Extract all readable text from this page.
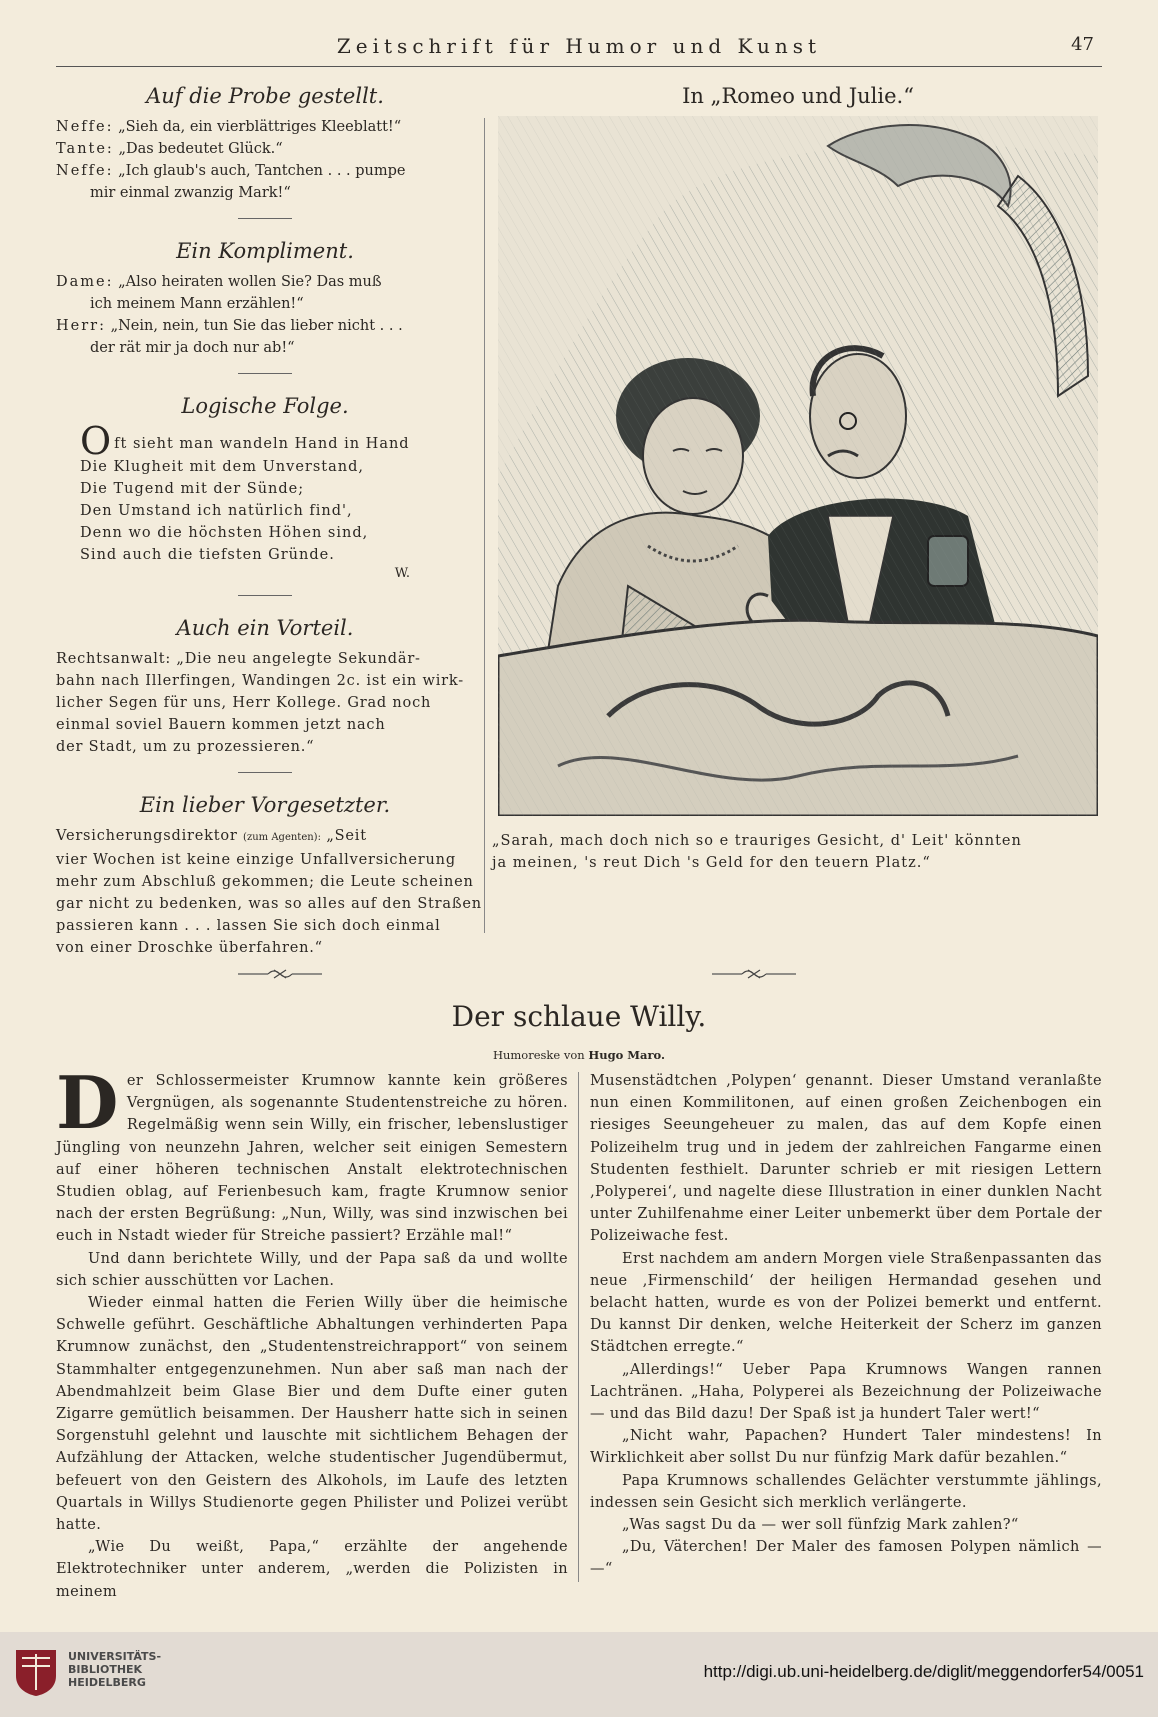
Zeitschrift für Humor und Kunst	47
Auf die Probe gestellt.
Neffe: „Sieh da, ein vierblättriges Kleeblatt!“
Tante: „Das bedeutet Glück.“
Neffe: „Ich glaub's auch, Tantchen . . . pumpe
mir einmal zwanzig Mark!“
Ein Kompliment.
Dame: „Also heiraten wollen Sie? Das muß
ich meinem Mann erzählen!“
Herr: „Nein, nein, tun Sie das lieber nicht . . .
der rät mir ja doch nur ab!“
Logische Folge.
Oft sieht man wandeln Hand in Hand
Die Klugheit mit dem Unverstand,
Die Tugend mit der Sünde;
Den Umstand ich natürlich find',
Denn wo die höchsten Höhen sind,
Sind auch die tiefsten Gründe.
W.
Auch ein Vorteil.
Rechtsanwalt: „Die neu angelegte Sekundär-
bahn nach Illerfingen, Wandingen 2c. ist ein wirk-
licher Segen für uns, Herr Kollege. Grad noch
einmal soviel Bauern kommen jetzt nach
der Stadt, um zu prozessieren.“
Ein lieber Vorgesetzter.
Versicherungsdirektor (zum Agenten): „Seit
vier Wochen ist keine einzige Unfallversicherung
mehr zum Abschluß gekommen; die Leute scheinen
gar nicht zu bedenken, was so alles auf den Straßen
passieren kann . . . lassen Sie sich doch einmal
von einer Droschke überfahren.“
In „Romeo und Julie.“
„Sarah, mach doch nich so e trauriges Gesicht, d' Leit' könnten
ja meinen, 's reut Dich 's Geld for den teuern Platz.“
Der schlaue Willy.
Humoreske von Hugo Maro.

Der Schlossermeister Krumnow kannte kein größeres Vergnügen, als sogenannte Studentenstreiche zu hören. Regelmäßig wenn sein Willy, ein frischer, lebenslustiger Jüngling von neunzehn Jahren, welcher seit einigen Semestern auf einer höheren technischen Anstalt elektrotechnischen Studien oblag, auf Ferienbesuch kam, fragte Krumnow senior nach der ersten Begrüßung: „Nun, Willy, was sind inzwischen bei euch in Nstadt wieder für Streiche passiert? Erzähle mal!“

Und dann berichtete Willy, und der Papa saß da und wollte sich schier ausschütten vor Lachen.

Wieder einmal hatten die Ferien Willy über die heimische Schwelle geführt. Geschäftliche Abhaltungen verhinderten Papa Krumnow zunächst, den „Studentenstreichrapport“ von seinem Stammhalter entgegenzunehmen. Nun aber saß man nach der Abendmahlzeit beim Glase Bier und dem Dufte einer guten Zigarre gemütlich beisammen. Der Hausherr hatte sich in seinen Sorgenstuhl gelehnt und lauschte mit sichtlichem Behagen der Aufzählung der Attacken, welche studentischer Jugendübermut, befeuert von den Geistern des Alkohols, im Laufe des letzten Quartals in Willys Studienorte gegen Philister und Polizei verübt hatte.

„Wie Du weißt, Papa,“ erzählte der angehende Elektrotechniker unter anderem, „werden die Polizisten in meinem

Musenstädtchen ‚Polypen‘ genannt. Dieser Umstand veranlaßte nun einen Kommilitonen, auf einen großen Zeichenbogen ein riesiges Seeungeheuer zu malen, das auf dem Kopfe einen Polizeihelm trug und in jedem der zahlreichen Fangarme einen Studenten festhielt. Darunter schrieb er mit riesigen Lettern ‚Polyperei‘, und nagelte diese Illustration in einer dunklen Nacht unter Zuhilfenahme einer Leiter unbemerkt über dem Portale der Polizeiwache fest.

Erst nachdem am andern Morgen viele Straßenpassanten das neue ‚Firmenschild‘ der heiligen Hermandad gesehen und belacht hatten, wurde es von der Polizei bemerkt und entfernt. Du kannst Dir denken, welche Heiterkeit der Scherz im ganzen Städtchen erregte.“

„Allerdings!“ Ueber Papa Krumnows Wangen rannen Lachtränen. „Haha, Polyperei als Bezeichnung der Polizeiwache — und das Bild dazu! Der Spaß ist ja hundert Taler wert!“

„Nicht wahr, Papachen? Hundert Taler mindestens! In Wirklichkeit aber sollst Du nur fünfzig Mark dafür bezahlen.“

Papa Krumnows schallendes Gelächter verstummte jählings, indessen sein Gesicht sich merklich verlängerte.

„Was sagst Du da — wer soll fünfzig Mark zahlen?“

„Du, Väterchen! Der Maler des famosen Polypen nämlich — —“

UNIVERSITÄTS-
BIBLIOTHEK
HEIDELBERG
http://digi.ub.uni-heidelberg.de/diglit/meggendorfer54/0051
